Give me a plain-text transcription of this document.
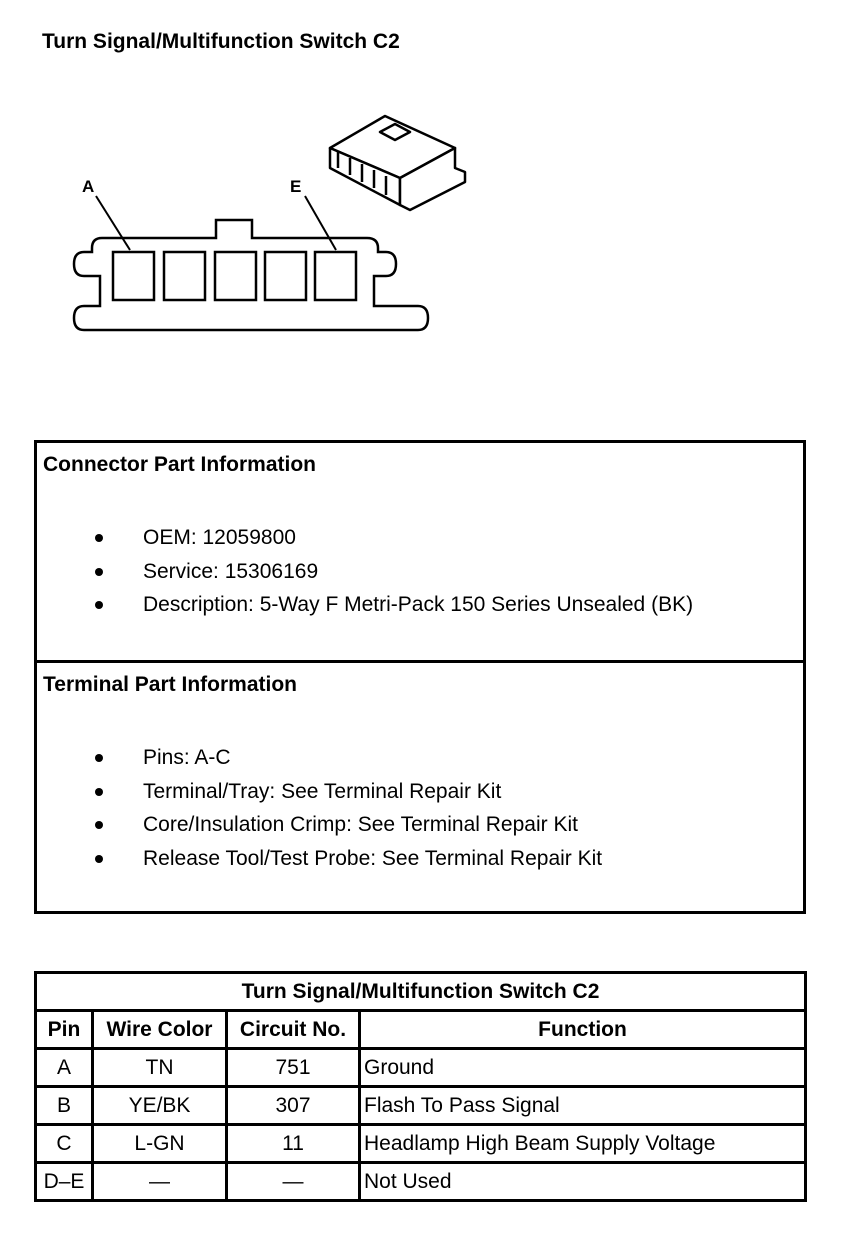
Turn Signal/Multifunction Switch C2
A	E
Connector Part Information
OEM: 12059800
Service: 15306169
Description: 5-Way F Metri-Pack 150 Series Unsealed (BK)
Terminal Part Information
Pins: A-C
Terminal/Tray: See Terminal Repair Kit
Core/Insulation Crimp: See Terminal Repair Kit
Release Tool/Test Probe: See Terminal Repair Kit
Turn Signal/Multifunction Switch C2			
Pin	Wire Color	Circuit No.	Function
A	TN	751	Ground
B	YE/BK	307	Flash To Pass Signal
C	L-GN	11	Headlamp High Beam Supply Voltage
D–E	—	—	Not Used
